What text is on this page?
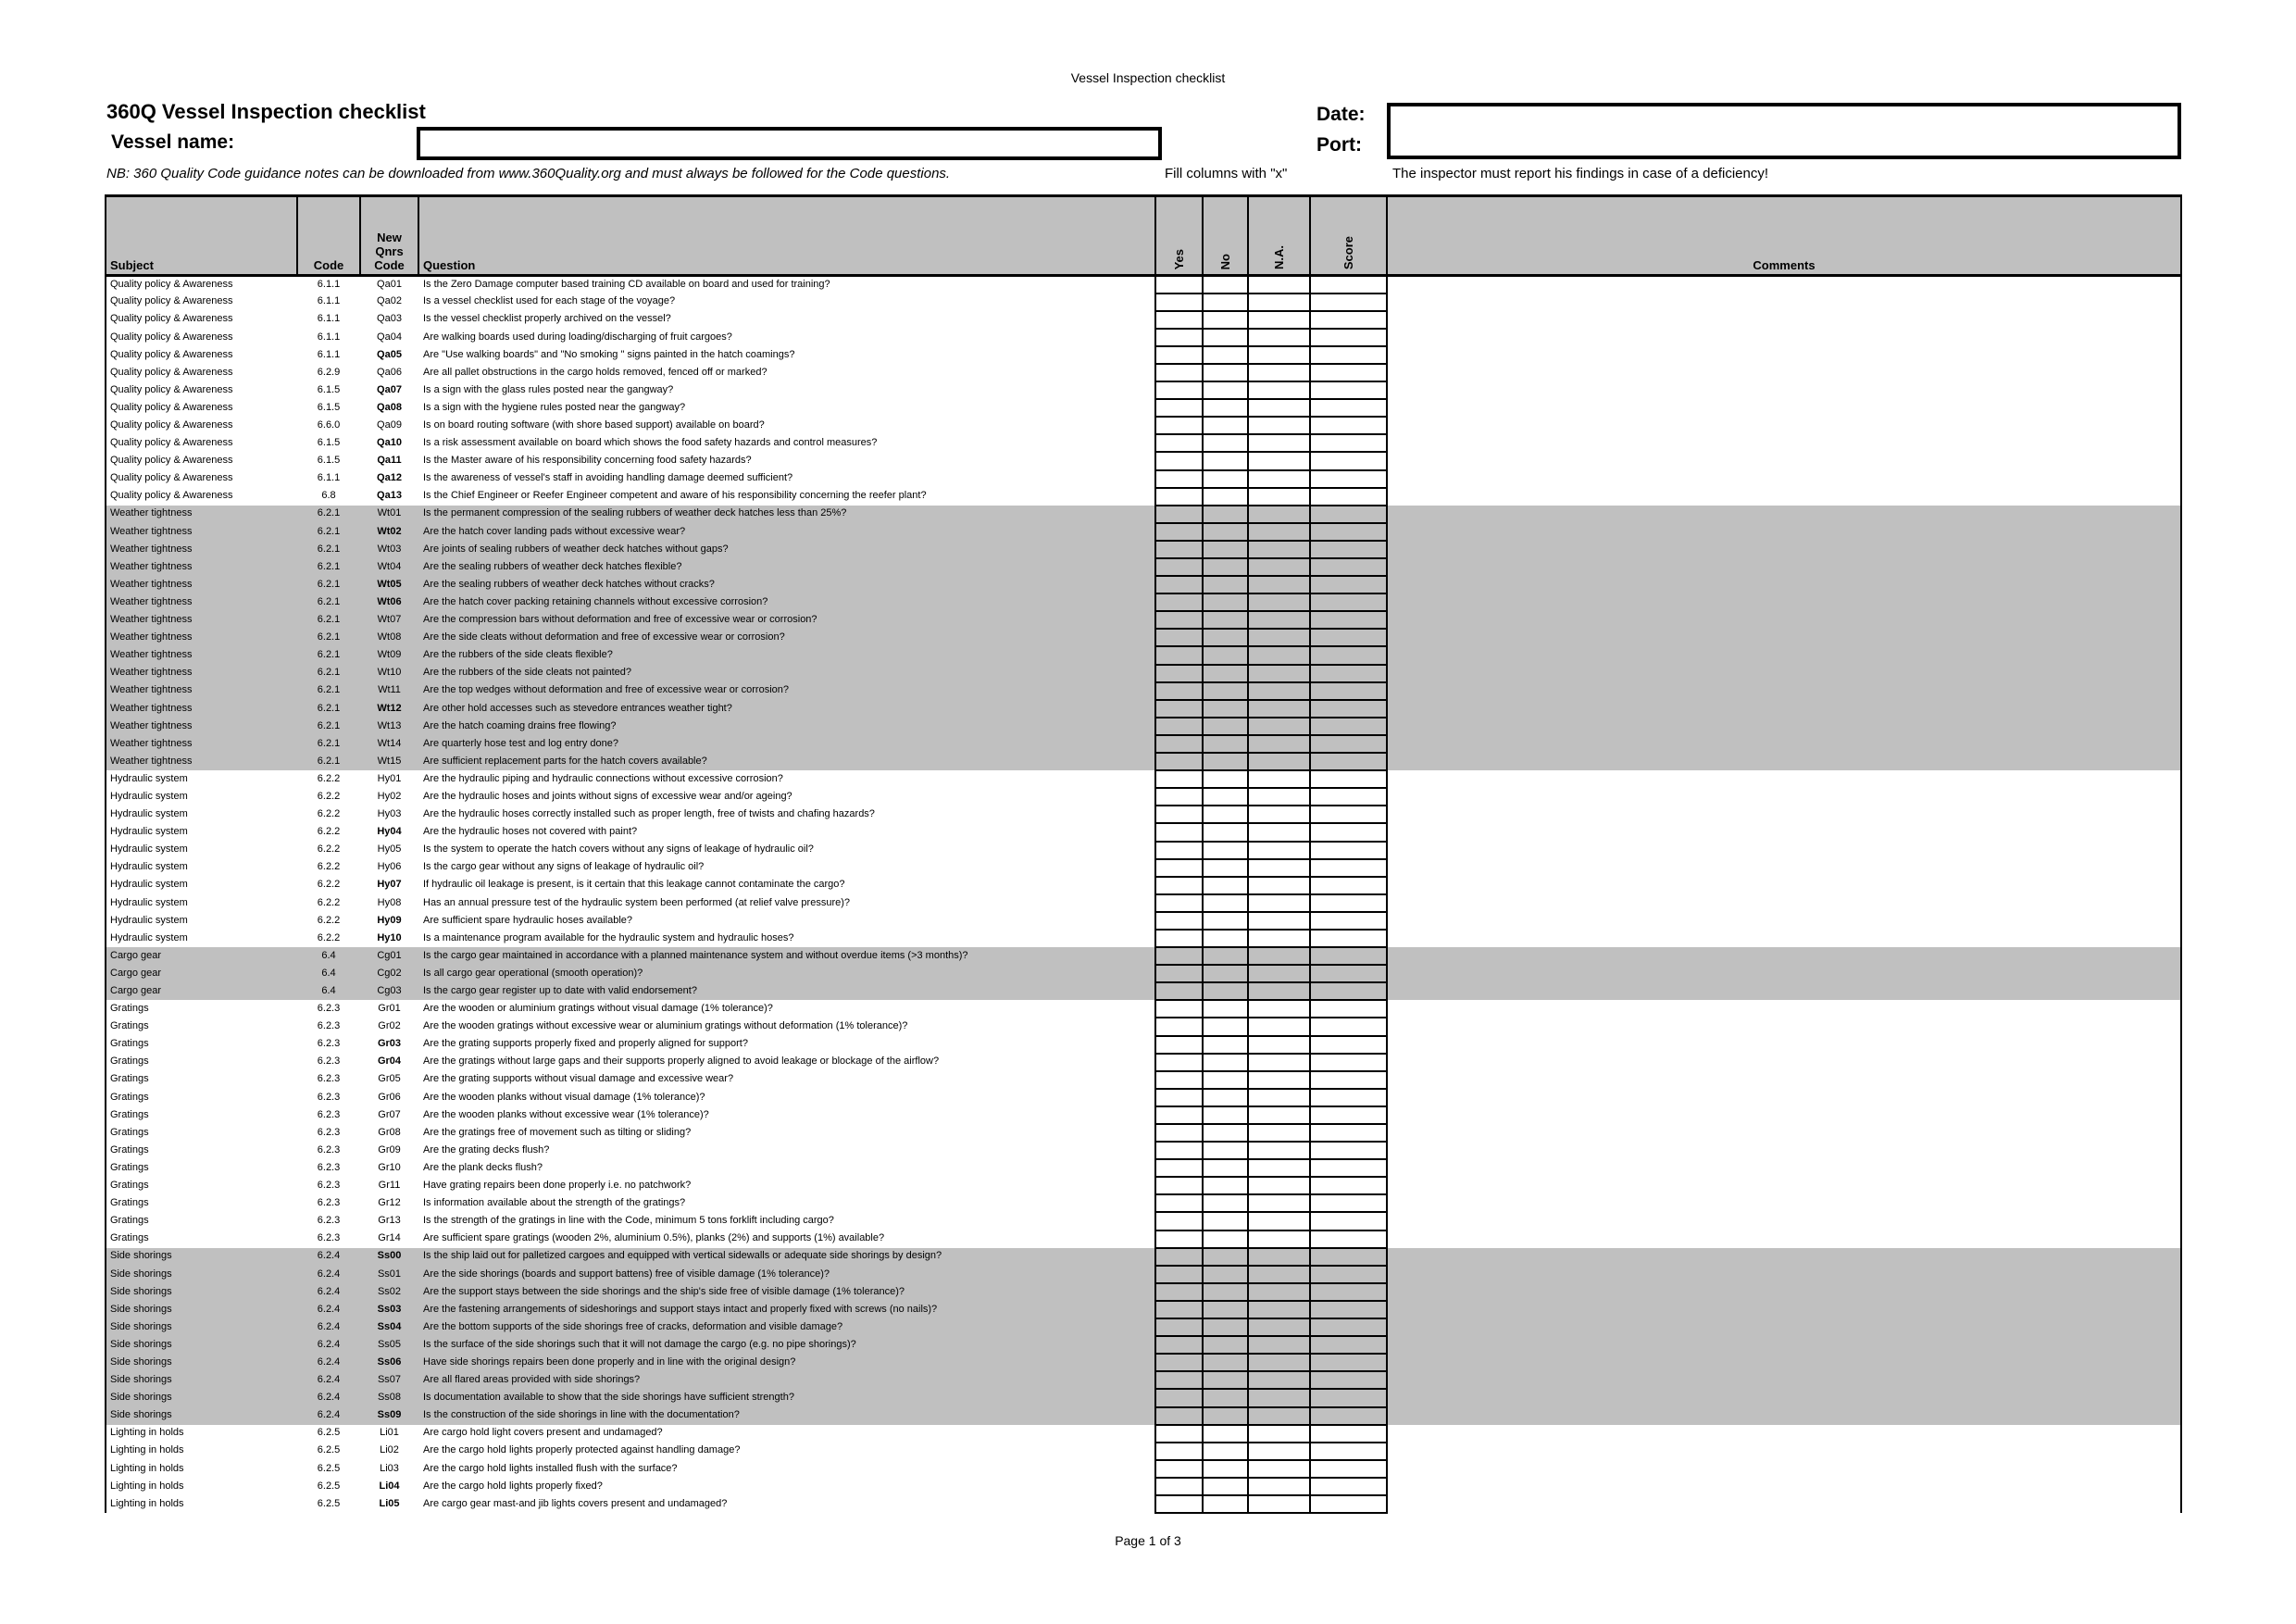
Vessel Inspection checklist
360Q Vessel Inspection checklist
Vessel name:
Date:
Port:
NB: 360 Quality Code guidance notes can be downloaded from www.360Quality.org and must always be followed for the Code questions.	Fill columns with "x"	The inspector must report his findings in case of a deficiency!
Subject	Code	New Qnrs Code	Question	Yes	No	N.A.	Score	Comments
Quality policy & Awareness	6.1.1	Qa01	Is the Zero Damage computer based training CD available on board and used for training?					
Quality policy & Awareness	6.1.1	Qa02	Is a vessel checklist used for each stage of the voyage?					
Quality policy & Awareness	6.1.1	Qa03	Is the vessel checklist properly archived on the vessel?					
Quality policy & Awareness	6.1.1	Qa04	Are walking boards used during loading/discharging of fruit cargoes?					
Quality policy & Awareness	6.1.1	Qa05	Are "Use walking boards" and "No smoking " signs painted in the hatch coamings?					
Quality policy & Awareness	6.2.9	Qa06	Are all pallet obstructions in the cargo holds removed, fenced off or marked?					
Quality policy & Awareness	6.1.5	Qa07	Is a sign with the glass rules posted near the gangway?					
Quality policy & Awareness	6.1.5	Qa08	Is a sign with the hygiene rules posted near the gangway?					
Quality policy & Awareness	6.6.0	Qa09	Is on board routing software (with shore based support) available on board?					
Quality policy & Awareness	6.1.5	Qa10	Is a risk assessment available on board which shows the food safety hazards and control measures?					
Quality policy & Awareness	6.1.5	Qa11	Is the Master aware of his responsibility concerning food safety hazards?					
Quality policy & Awareness	6.1.1	Qa12	Is the awareness of vessel's staff in avoiding handling damage deemed sufficient?					
Quality policy & Awareness	6.8	Qa13	Is the Chief Engineer or Reefer Engineer competent and aware of his responsibility concerning the reefer plant?					
Weather tightness	6.2.1	Wt01	Is the permanent compression of the sealing rubbers of weather deck hatches less than 25%?					
Weather tightness	6.2.1	Wt02	Are the hatch cover landing pads without excessive wear?					
Weather tightness	6.2.1	Wt03	Are joints of sealing rubbers of weather deck hatches without gaps?					
Weather tightness	6.2.1	Wt04	Are the sealing rubbers of weather deck hatches flexible?					
Weather tightness	6.2.1	Wt05	Are the sealing rubbers of weather deck hatches without cracks?					
Weather tightness	6.2.1	Wt06	Are the hatch cover packing retaining channels without excessive corrosion?					
Weather tightness	6.2.1	Wt07	Are the compression bars without deformation and free of excessive wear or corrosion?					
Weather tightness	6.2.1	Wt08	Are the side cleats without deformation and free of excessive wear or corrosion?					
Weather tightness	6.2.1	Wt09	Are the rubbers of the side cleats flexible?					
Weather tightness	6.2.1	Wt10	Are the rubbers of the side cleats not painted?					
Weather tightness	6.2.1	Wt11	Are the top wedges without deformation and free of excessive wear or corrosion?					
Weather tightness	6.2.1	Wt12	Are other hold accesses such as stevedore entrances weather tight?					
Weather tightness	6.2.1	Wt13	Are the hatch coaming drains free flowing?					
Weather tightness	6.2.1	Wt14	Are quarterly hose test and log entry done?					
Weather tightness	6.2.1	Wt15	Are sufficient replacement parts for the hatch covers available?					
Hydraulic system	6.2.2	Hy01	Are the hydraulic piping and hydraulic connections without excessive corrosion?					
Hydraulic system	6.2.2	Hy02	Are the hydraulic hoses and joints without signs of excessive wear and/or ageing?					
Hydraulic system	6.2.2	Hy03	Are the hydraulic hoses correctly installed such as proper length, free of twists and chafing hazards?					
Hydraulic system	6.2.2	Hy04	Are the hydraulic hoses not covered with paint?					
Hydraulic system	6.2.2	Hy05	Is the system to operate the hatch covers without any signs of leakage of hydraulic oil?					
Hydraulic system	6.2.2	Hy06	Is the cargo gear without any signs of leakage of hydraulic oil?					
Hydraulic system	6.2.2	Hy07	If hydraulic oil leakage is present, is it certain that this leakage cannot contaminate the cargo?					
Hydraulic system	6.2.2	Hy08	Has an annual pressure test of the hydraulic system been performed (at relief valve pressure)?					
Hydraulic system	6.2.2	Hy09	Are sufficient spare hydraulic hoses available?					
Hydraulic system	6.2.2	Hy10	Is a maintenance program available for the hydraulic system and hydraulic hoses?					
Cargo gear	6.4	Cg01	Is the cargo gear maintained in accordance with a planned maintenance system and without overdue items (>3 months)?					
Cargo gear	6.4	Cg02	Is all cargo gear operational (smooth operation)?					
Cargo gear	6.4	Cg03	Is the cargo gear register up to date with valid endorsement?					
Gratings	6.2.3	Gr01	Are the wooden or aluminium gratings without visual damage (1% tolerance)?					
Gratings	6.2.3	Gr02	Are the wooden gratings without excessive wear or aluminium gratings without deformation (1% tolerance)?					
Gratings	6.2.3	Gr03	Are the grating supports properly fixed and properly aligned for support?					
Gratings	6.2.3	Gr04	Are the gratings without large gaps and their supports properly aligned to avoid leakage or blockage of the airflow?					
Gratings	6.2.3	Gr05	Are the grating supports without visual damage and excessive wear?					
Gratings	6.2.3	Gr06	Are the wooden planks without visual damage (1% tolerance)?					
Gratings	6.2.3	Gr07	Are the wooden planks without excessive wear (1% tolerance)?					
Gratings	6.2.3	Gr08	Are the gratings free of movement such as tilting or sliding?					
Gratings	6.2.3	Gr09	Are the grating decks flush?					
Gratings	6.2.3	Gr10	Are the plank decks flush?					
Gratings	6.2.3	Gr11	Have grating repairs been done properly i.e. no patchwork?					
Gratings	6.2.3	Gr12	Is information available about the strength of the gratings?					
Gratings	6.2.3	Gr13	Is the strength of the gratings in line with the Code, minimum 5 tons forklift including cargo?					
Gratings	6.2.3	Gr14	Are sufficient spare gratings (wooden 2%, aluminium 0.5%), planks (2%) and supports (1%) available?					
Side shorings	6.2.4	Ss00	Is the ship laid out for palletized cargoes and equipped with vertical sidewalls or adequate side shorings by design?					
Side shorings	6.2.4	Ss01	Are the side shorings (boards and support battens) free of visible damage (1% tolerance)?					
Side shorings	6.2.4	Ss02	Are the support stays between the side shorings and the ship's side free of visible damage (1% tolerance)?					
Side shorings	6.2.4	Ss03	Are the fastening arrangements of sideshorings and support stays intact and properly fixed with screws (no nails)?					
Side shorings	6.2.4	Ss04	Are the bottom supports of the side shorings free of cracks, deformation and visible damage?					
Side shorings	6.2.4	Ss05	Is the surface of the side shorings such that it will not damage the cargo (e.g. no pipe shorings)?					
Side shorings	6.2.4	Ss06	Have side shorings repairs been done properly and in line with the original design?					
Side shorings	6.2.4	Ss07	Are all flared areas provided with side shorings?					
Side shorings	6.2.4	Ss08	Is documentation available to show that the side shorings have sufficient strength?					
Side shorings	6.2.4	Ss09	Is the construction of the side shorings in line with the documentation?					
Lighting in holds	6.2.5	Li01	Are cargo hold light covers present and undamaged?					
Lighting in holds	6.2.5	Li02	Are the cargo hold lights properly protected against handling damage?					
Lighting in holds	6.2.5	Li03	Are the cargo hold lights installed flush with the surface?					
Lighting in holds	6.2.5	Li04	Are the cargo hold lights properly fixed?					
Lighting in holds	6.2.5	Li05	Are cargo gear mast-and jib lights covers present and undamaged?					
Page 1 of 3
